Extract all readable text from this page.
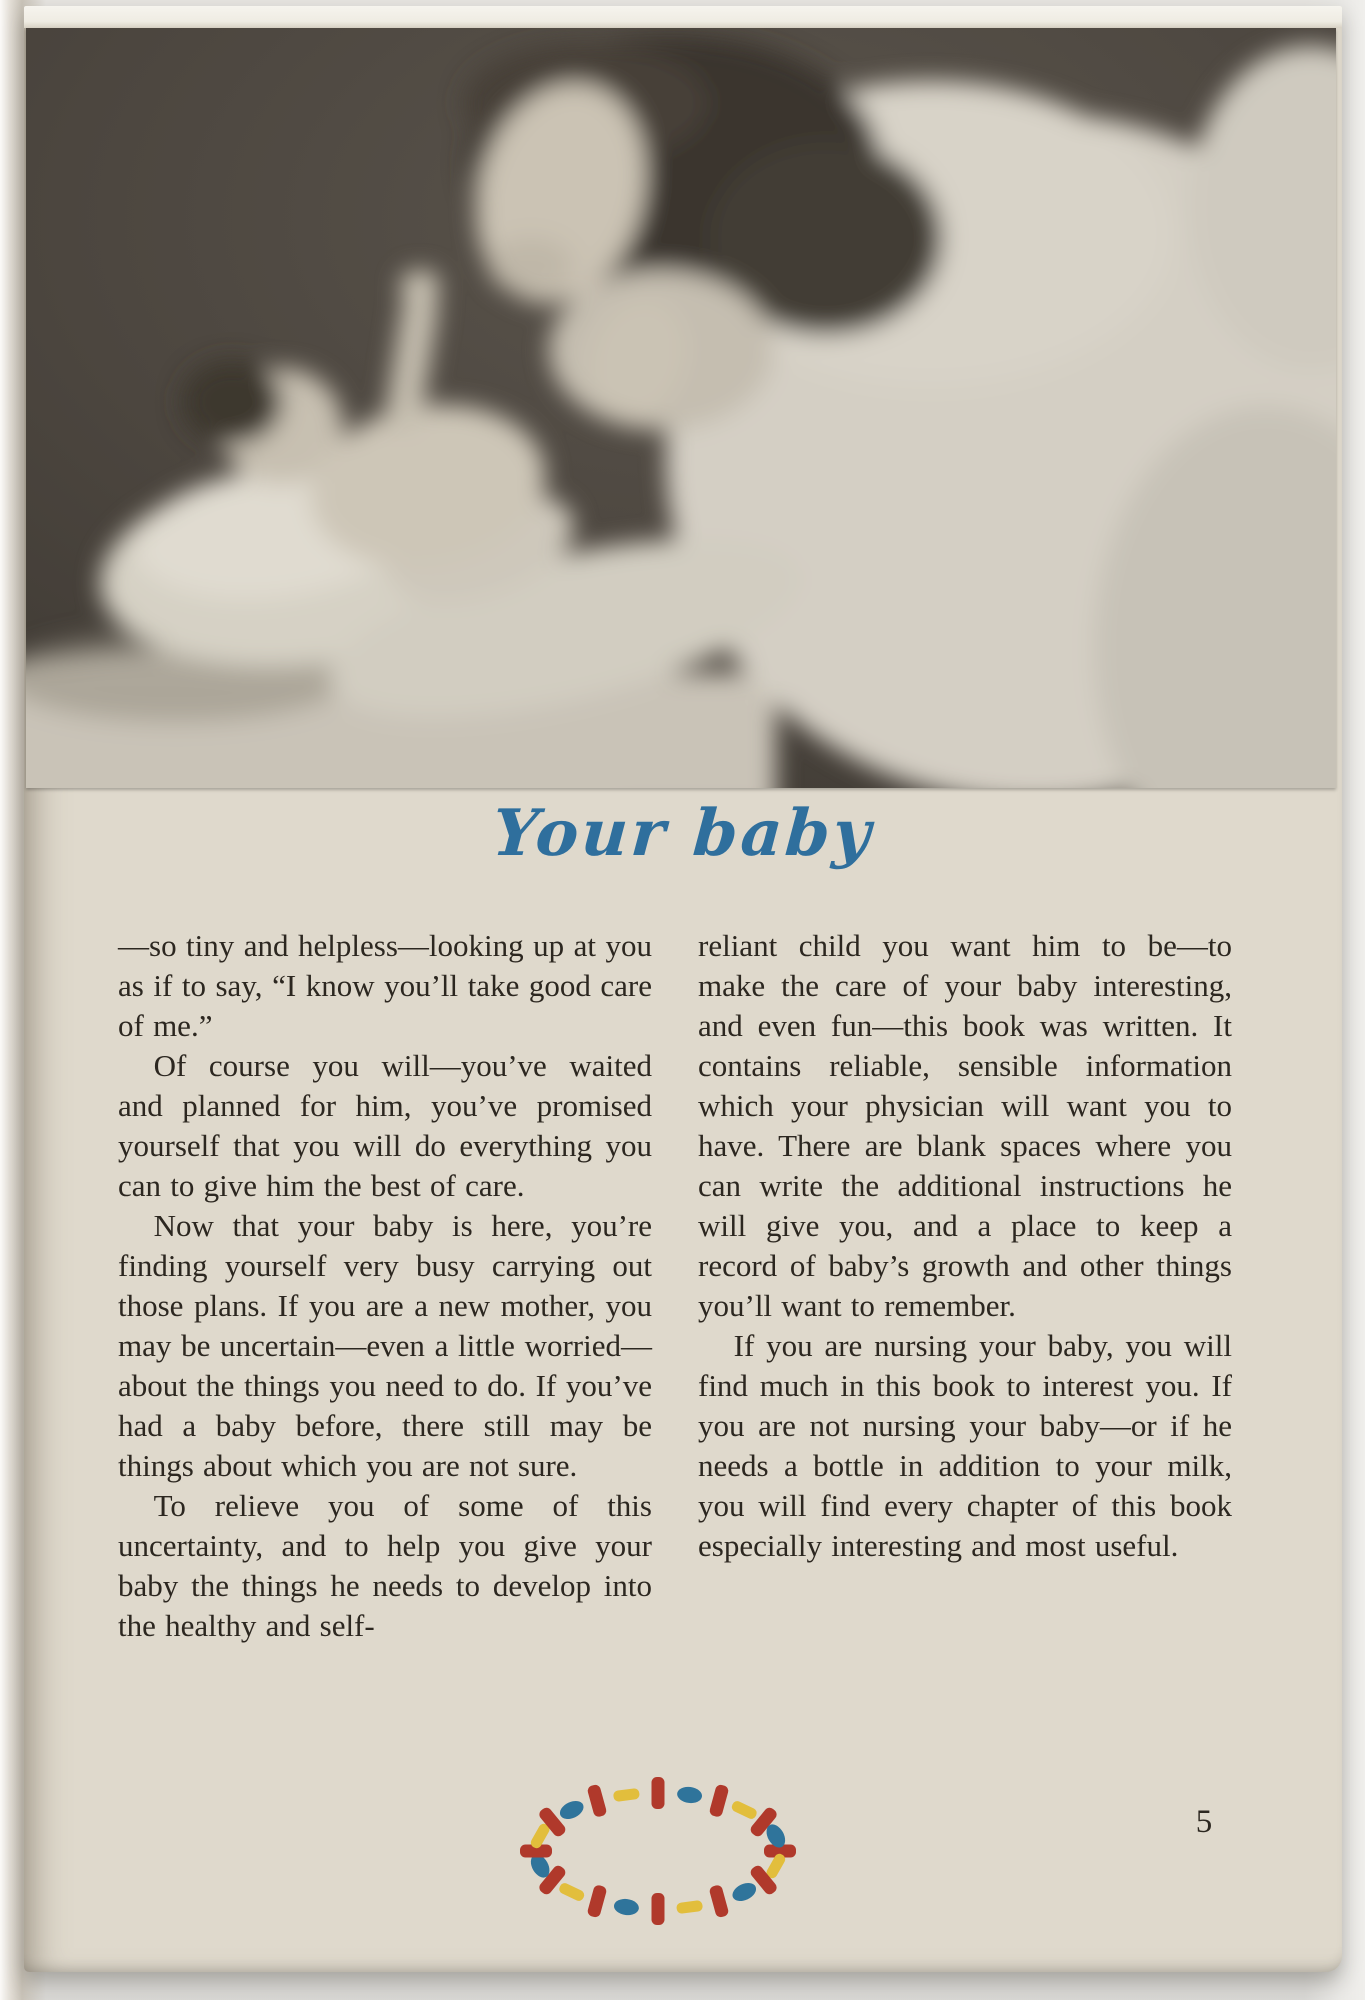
Your baby

—so tiny and helpless—looking up at you as if to say, “I know you’ll take good care of me.”

Of course you will—you’ve waited and planned for him, you’ve promised yourself that you will do everything you can to give him the best of care.

Now that your baby is here, you’re finding yourself very busy carrying out those plans. If you are a new mother, you may be uncertain—even a little worried—about the things you need to do. If you’ve had a baby before, there still may be things about which you are not sure.

To relieve you of some of this uncertainty, and to help you give your baby the things he needs to develop into the healthy and self-

reliant child you want him to be—to make the care of your baby interesting, and even fun—this book was written. It contains reliable, sensible information which your physician will want you to have. There are blank spaces where you can write the additional instructions he will give you, and a place to keep a record of baby’s growth and other things you’ll want to remember.

If you are nursing your baby, you will find much in this book to interest you. If you are not nursing your baby—or if he needs a bottle in addition to your milk, you will find every chapter of this book especially interesting and most useful.

5
